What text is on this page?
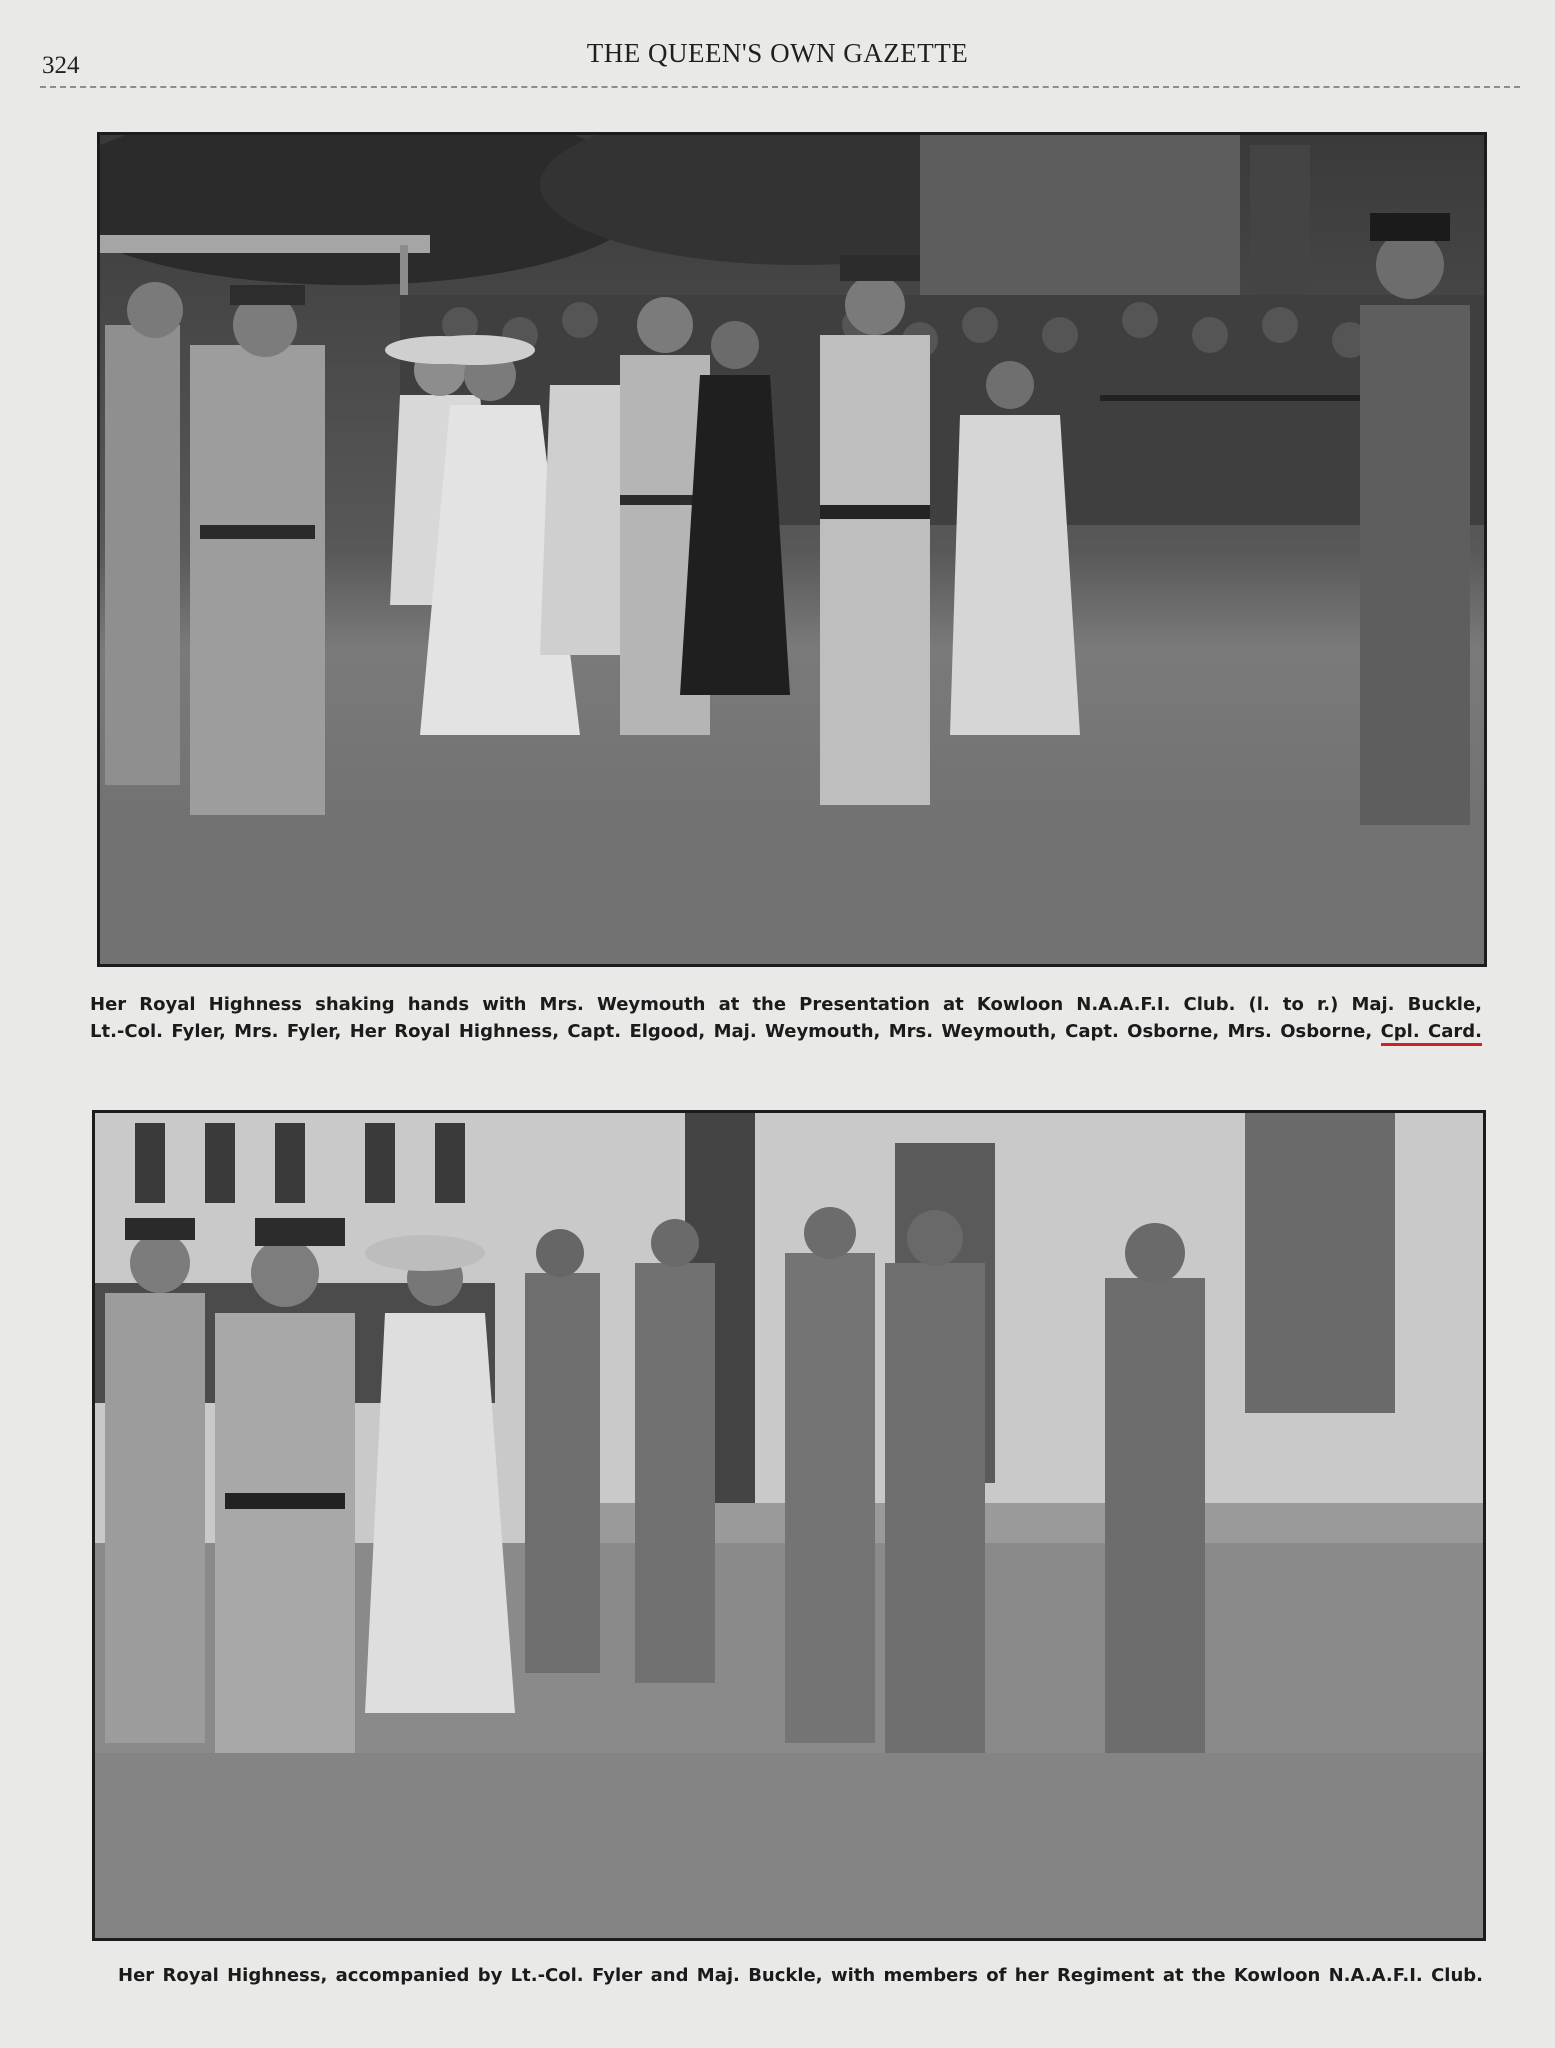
324	THE QUEEN'S OWN GAZETTE
Her Royal Highness shaking hands with Mrs. Weymouth at the Presentation at Kowloon N.A.A.F.I. Club. (l. to r.) Maj. Buckle,
Lt.-Col. Fyler, Mrs. Fyler, Her Royal Highness, Capt. Elgood, Maj. Weymouth, Mrs. Weymouth, Capt. Osborne, Mrs. Osborne, Cpl. Card.
Her Royal Highness, accompanied by Lt.-Col. Fyler and Maj. Buckle, with members of her Regiment at the Kowloon N.A.A.F.I. Club.
